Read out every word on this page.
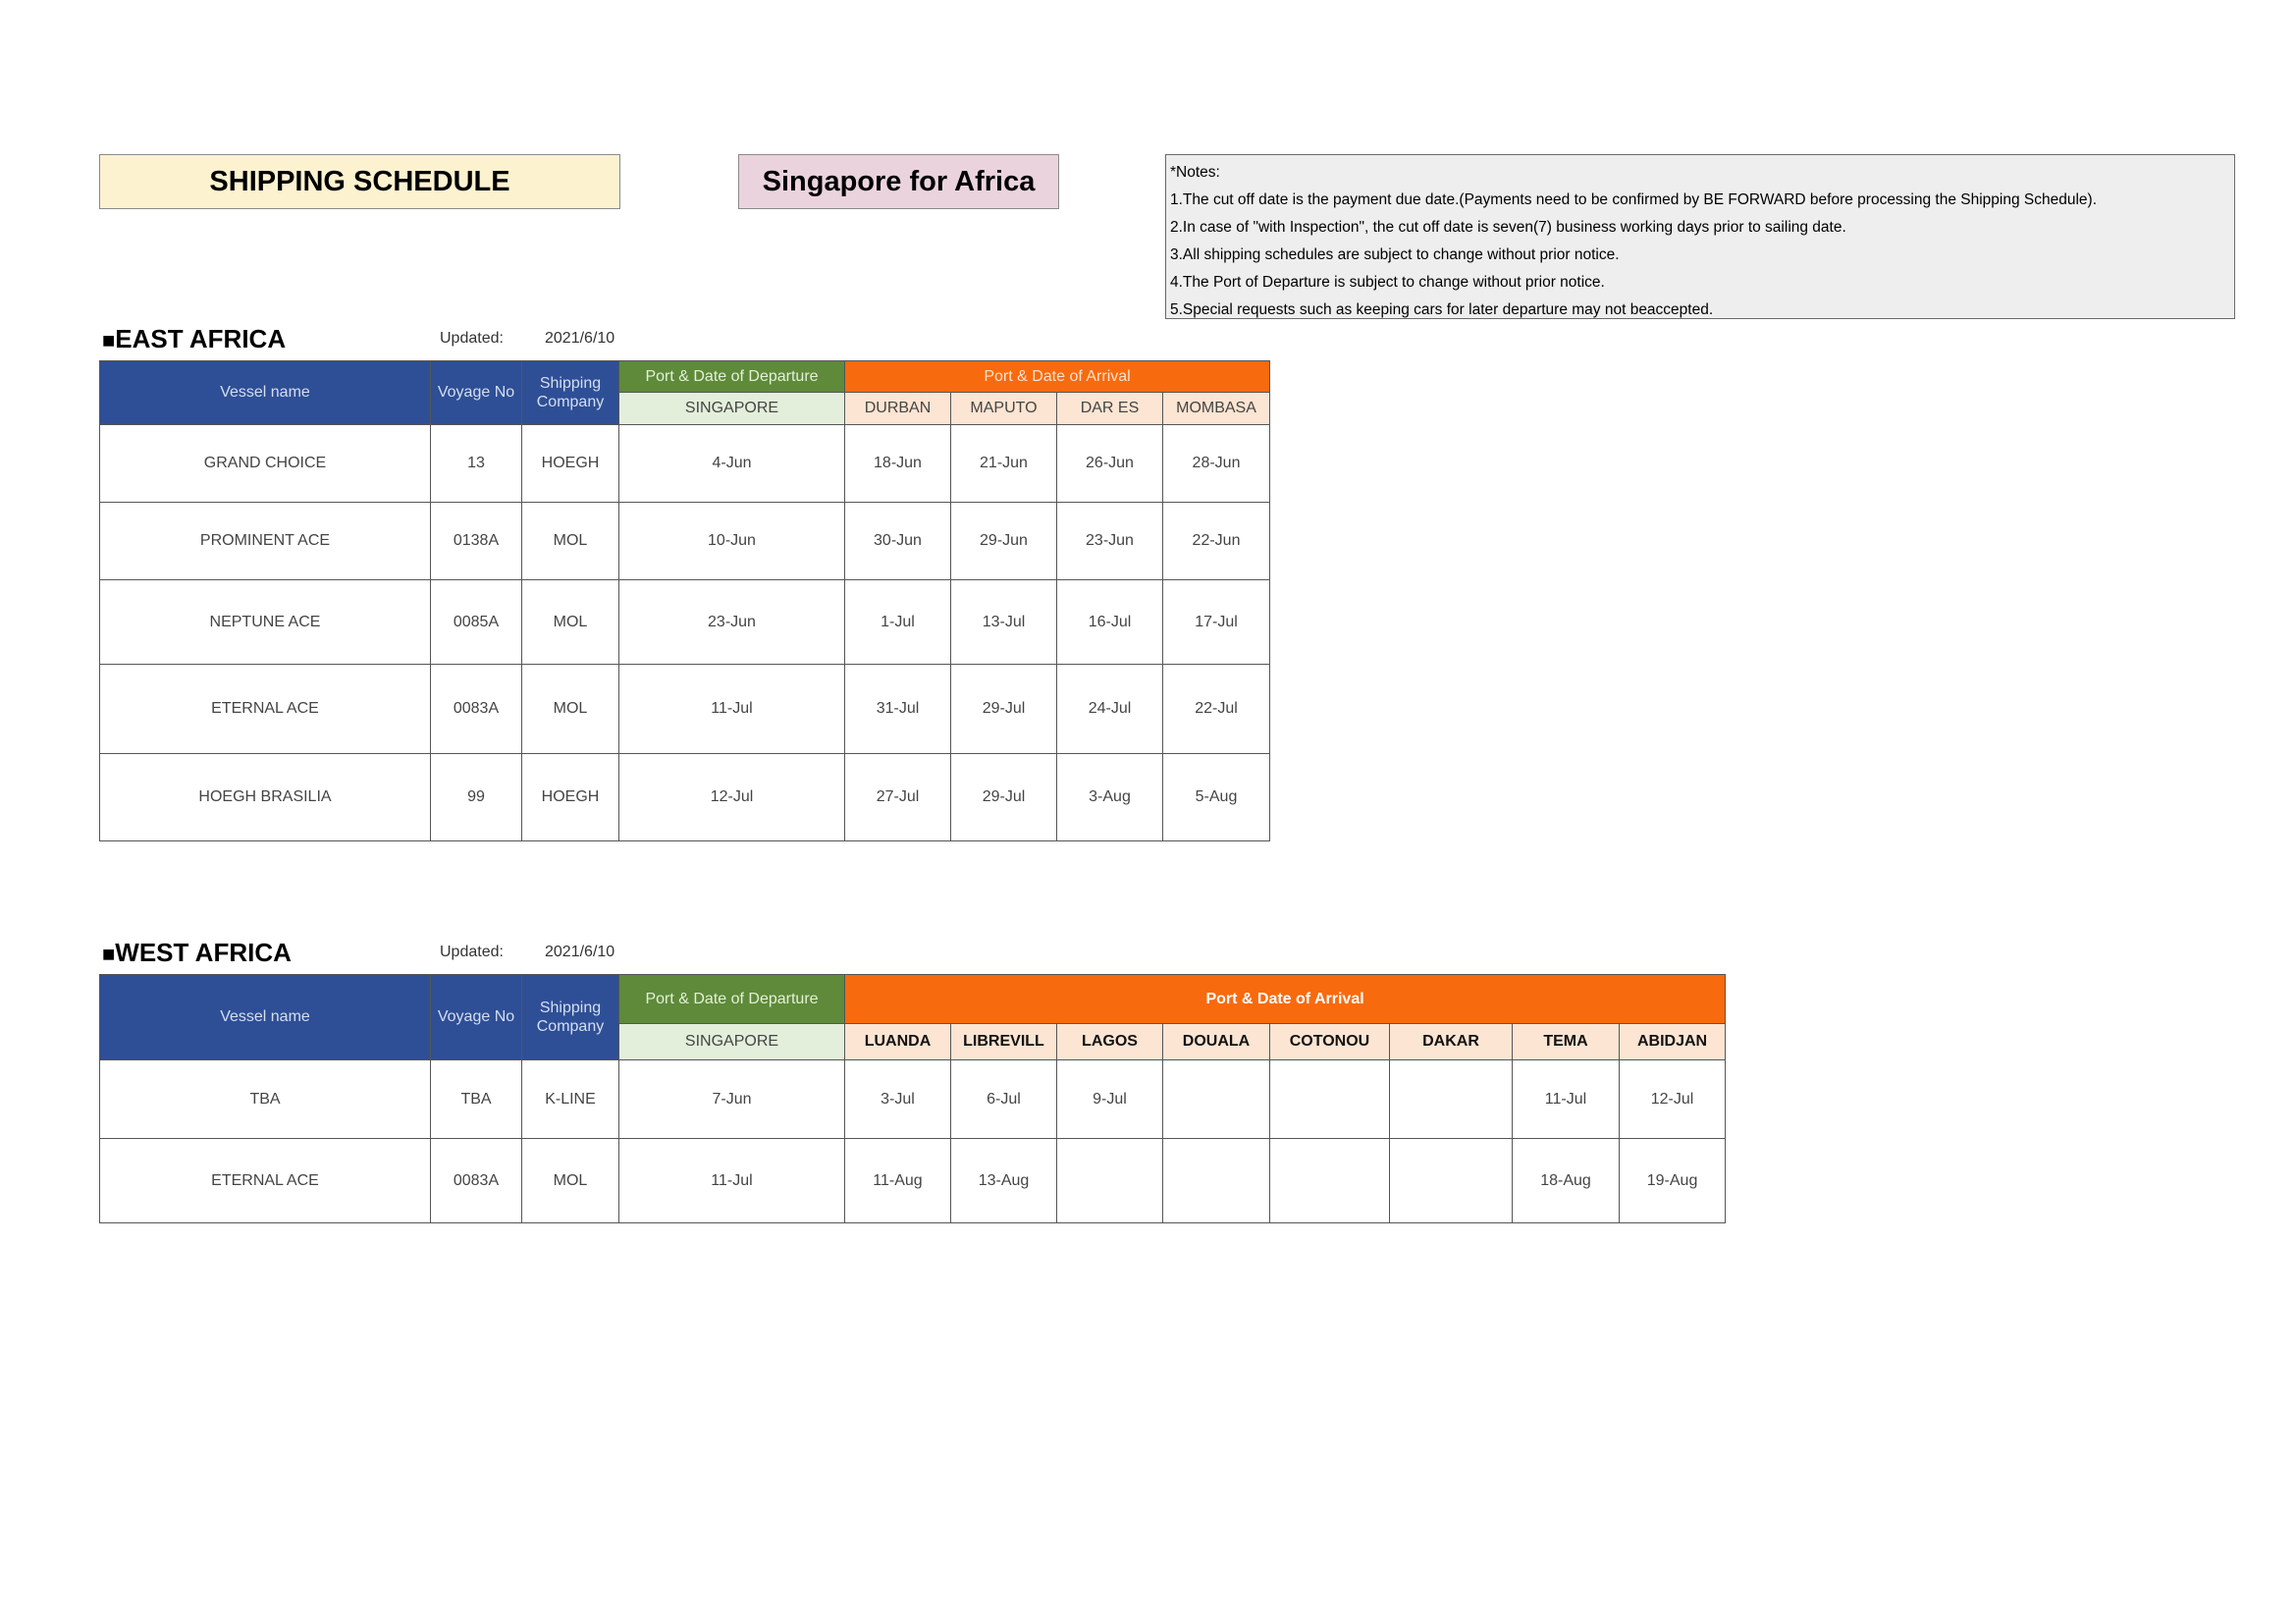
SHIPPING SCHEDULE	Singapore for Africa	*Notes:
1.The cut off date is the payment due date.(Payments need to be confirmed by BE FORWARD before processing the Shipping Schedule).
2.In case of "with Inspection", the cut off date is seven(7) business working days prior to sailing date.
3.All shipping schedules are subject to change without prior notice.
4.The Port of Departure is subject to change without prior notice.
5.Special requests such as keeping cars for later departure may not beaccepted.
■EAST AFRICA	Updated:	2021/6/10
Vessel name	Voyage No	Shipping Company	Port & Date of Departure	Port & Date of Arrival			
			SINGAPORE	DURBAN	MAPUTO	DAR ES	MOMBASA
GRAND CHOICE	13	HOEGH	4-Jun	18-Jun	21-Jun	26-Jun	28-Jun
PROMINENT ACE	0138A	MOL	10-Jun	30-Jun	29-Jun	23-Jun	22-Jun
NEPTUNE ACE	0085A	MOL	23-Jun	1-Jul	13-Jul	16-Jul	17-Jul
ETERNAL ACE	0083A	MOL	11-Jul	31-Jul	29-Jul	24-Jul	22-Jul
HOEGH BRASILIA	99	HOEGH	12-Jul	27-Jul	29-Jul	3-Aug	5-Aug
■WEST AFRICA	Updated:	2021/6/10
Vessel name	Voyage No	Shipping Company	Port & Date of Departure	Port & Date of Arrival							
			SINGAPORE	LUANDA	LIBREVILL	LAGOS	DOUALA	COTONOU	DAKAR	TEMA	ABIDJAN
TBA	TBA	K-LINE	7-Jun	3-Jul	6-Jul	9-Jul				11-Jul	12-Jul
ETERNAL ACE	0083A	MOL	11-Jul	11-Aug	13-Aug					18-Aug	19-Aug
